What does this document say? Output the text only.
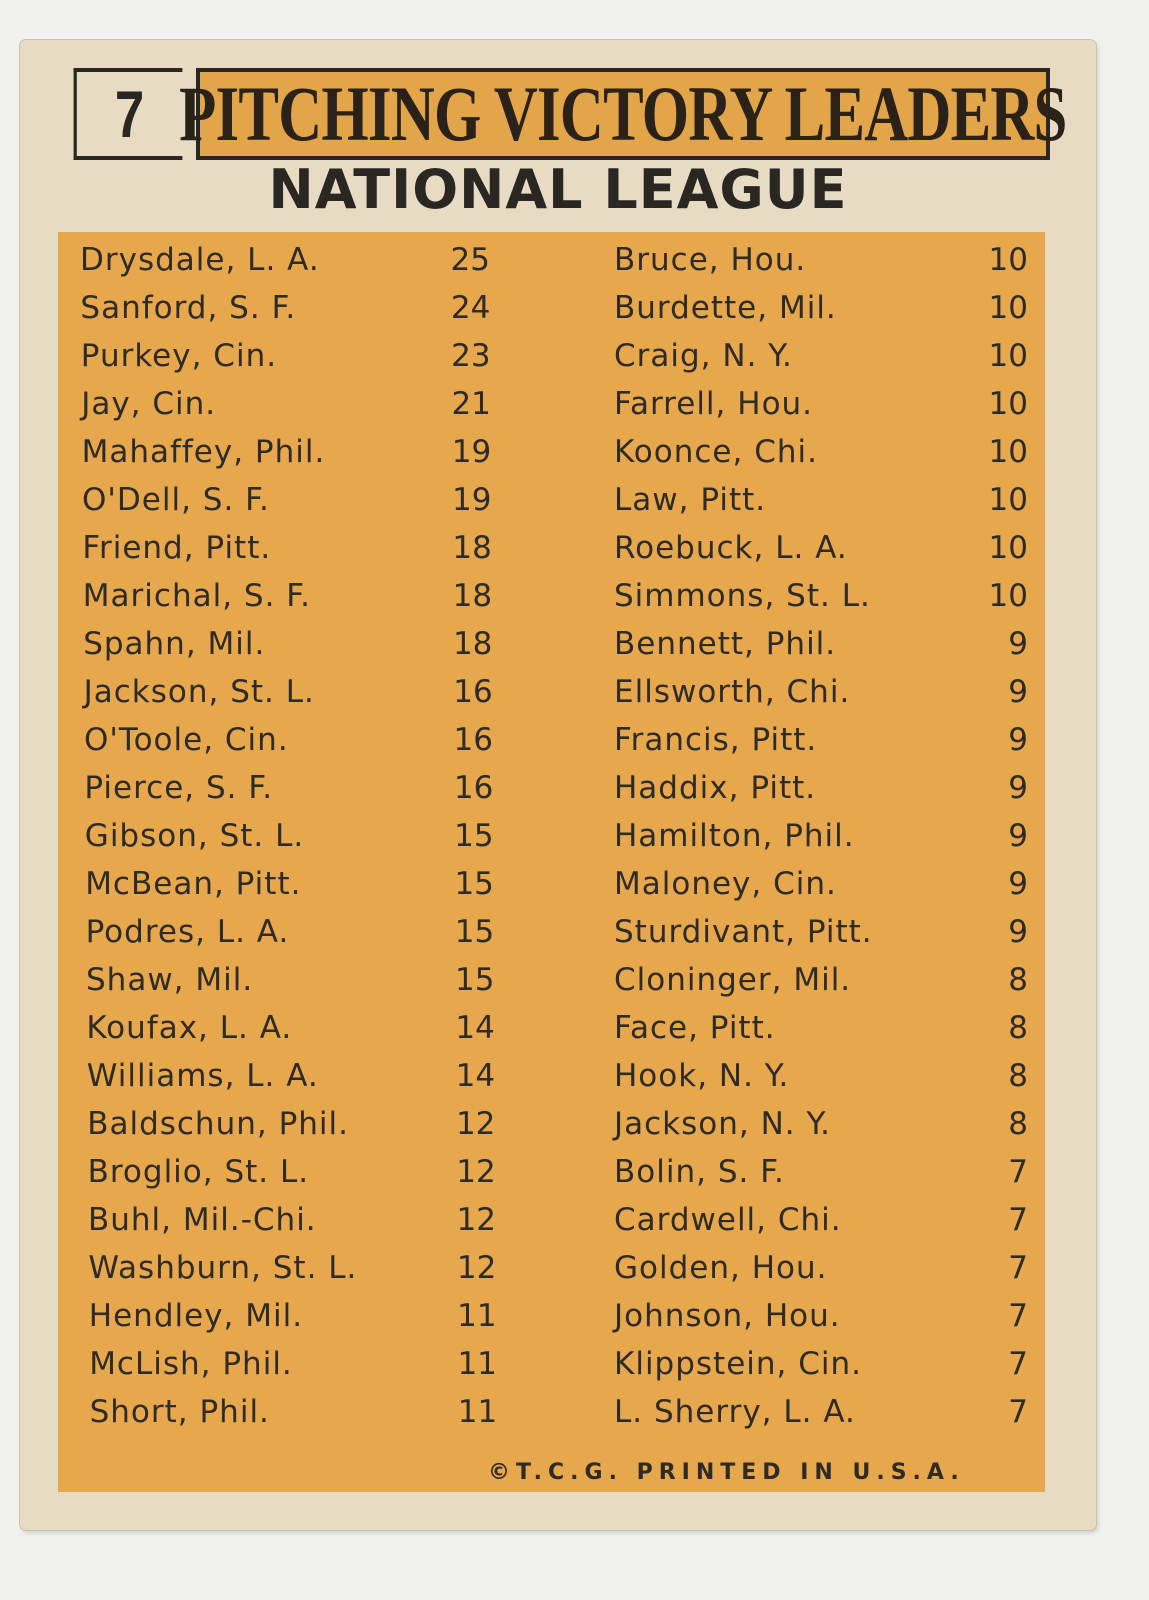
7 PITCHING VICTORY LEADERS
NATIONAL LEAGUE
©T.C.G. PRINTED IN U.S.A.
Drysdale, L. A.	25
Sanford, S. F.	24
Purkey, Cin.	23
Jay, Cin.	21
Mahaffey, Phil.	19
O'Dell, S. F.	19
Friend, Pitt.	18
Marichal, S. F.	18
Spahn, Mil.	18
Jackson, St. L.	16
O'Toole, Cin.	16
Pierce, S. F.	16
Gibson, St. L.	15
McBean, Pitt.	15
Podres, L. A.	15
Shaw, Mil.	15
Koufax, L. A.	14
Williams, L. A.	14
Baldschun, Phil.	12
Broglio, St. L.	12
Buhl, Mil.-Chi.	12
Washburn, St. L.	12
Hendley, Mil.	11
McLish, Phil.	11
Short, Phil.	11
Bruce, Hou.	10
Burdette, Mil.	10
Craig, N. Y.	10
Farrell, Hou.	10
Koonce, Chi.	10
Law, Pitt.	10
Roebuck, L. A.	10
Simmons, St. L.	10
Bennett, Phil.	9
Ellsworth, Chi.	9
Francis, Pitt.	9
Haddix, Pitt.	9
Hamilton, Phil.	9
Maloney, Cin.	9
Sturdivant, Pitt.	9
Cloninger, Mil.	8
Face, Pitt.	8
Hook, N. Y.	8
Jackson, N. Y.	8
Bolin, S. F.	7
Cardwell, Chi.	7
Golden, Hou.	7
Johnson, Hou.	7
Klippstein, Cin.	7
L. Sherry, L. A.	7
